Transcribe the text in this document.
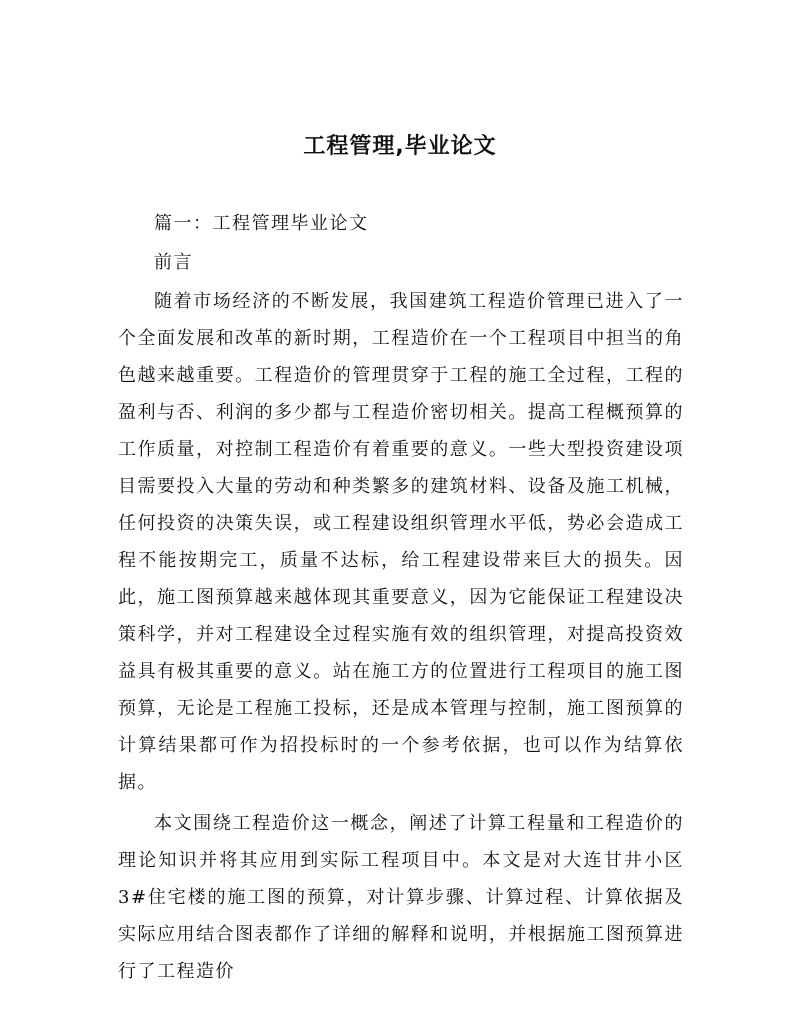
工程管理,毕业论文

篇一：工程管理毕业论文

前言

随着市场经济的不断发展，我国建筑工程造价管理已进入了一个全面发展和改革的新时期，工程造价在一个工程项目中担当的角色越来越重要。工程造价的管理贯穿于工程的施工全过程，工程的盈利与否、利润的多少都与工程造价密切相关。提高工程概预算的工作质量，对控制工程造价有着重要的意义。一些大型投资建设项目需要投入大量的劳动和种类繁多的建筑材料、设备及施工机械，任何投资的决策失误，或工程建设组织管理水平低，势必会造成工程不能按期完工，质量不达标，给工程建设带来巨大的损失。因此，施工图预算越来越体现其重要意义，因为它能保证工程建设决策科学，并对工程建设全过程实施有效的组织管理，对提高投资效益具有极其重要的意义。站在施工方的位置进行工程项目的施工图预算，无论是工程施工投标，还是成本管理与控制，施工图预算的计算结果都可作为招投标时的一个参考依据，也可以作为结算依据。

本文围绕工程造价这一概念，阐述了计算工程量和工程造价的理论知识并将其应用到实际工程项目中。本文是对大连甘井小区 3#住宅楼的施工图的预算，对计算步骤、计算过程、计算依据及实际应用结合图表都作了详细的解释和说明，并根据施工图预算进行了工程造价
